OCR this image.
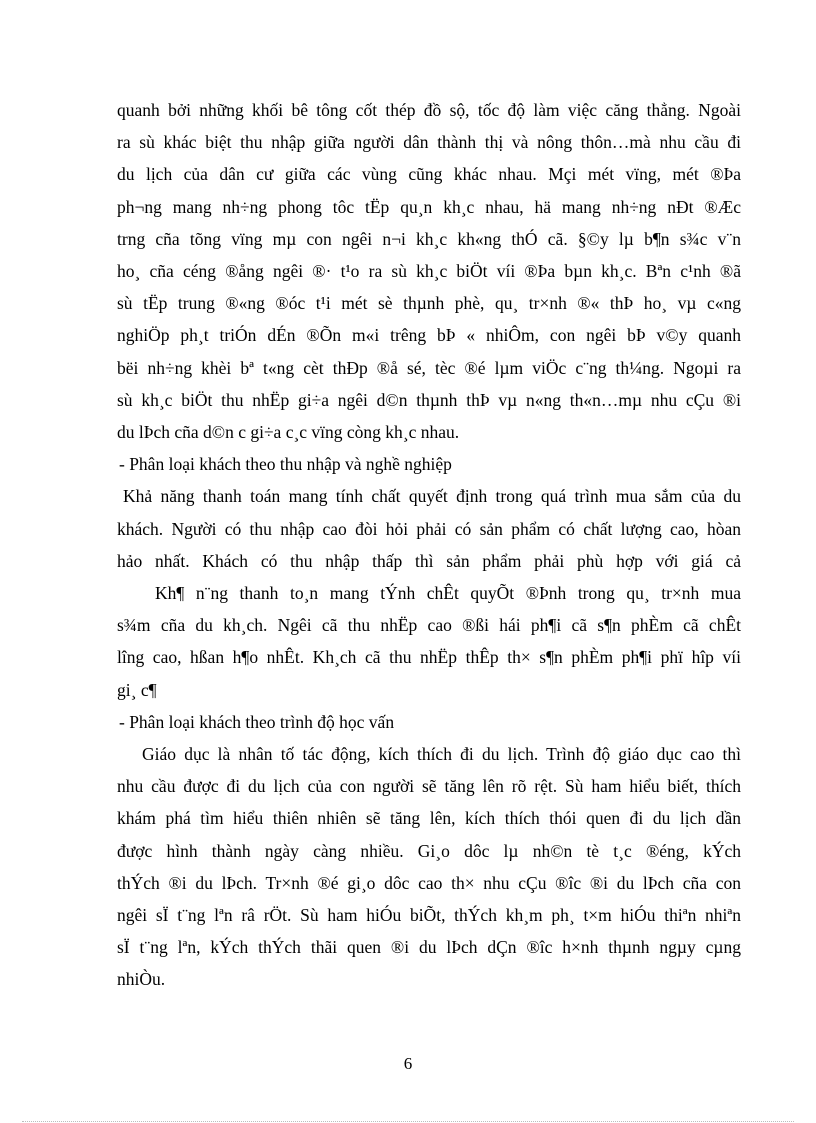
quanh bởi những khối bê tông cốt thép đồ sộ, tốc độ làm việc căng thẳng. Ngoài
ra sù khác biệt thu nhập giữa người dân thành thị và nông thôn…mà nhu cầu đi
du lịch của dân cư giữa các vùng cũng khác nhau. Mçi mét vïng, mét ®Þa
ph¬ng mang nh÷ng phong tôc tËp qu¸n kh¸c nhau, hä mang nh÷ng nÐt ®Æc
trng cña tõng vïng mµ con ngêi n¬i kh¸c kh«ng thÓ cã. §©y lµ b¶n s¾c v¨n
ho¸ cña céng ®ång ngêi ®· t¹o ra sù kh¸c biÖt víi ®Þa bµn kh¸c. Bªn c¹nh ®ã
sù tËp trung ®«ng ®óc t¹i mét sè thµnh phè, qu¸ tr×nh ®« thÞ ho¸ vµ c«ng
nghiÖp ph¸t triÓn dÉn ®Õn m«i trêng bÞ « nhiÔm, con ngêi bÞ v©y quanh
bëi nh÷ng khèi bª t«ng cèt thÐp ®å sé, tèc ®é lµm viÖc c¨ng th¼ng. Ngoµi ra
sù kh¸c biÖt thu nhËp gi÷a ngêi d©n thµnh thÞ vµ n«ng th«n…mµ nhu cÇu ®i
du lÞch cña d©n c gi÷a c¸c vïng còng kh¸c nhau.
- Phân loại khách theo thu nhập và nghề nghiệp
Khả năng thanh toán mang tính chất quyết định trong quá trình mua sắm của du
khách. Người có thu nhập cao đòi hỏi phải có sản phẩm có chất lượng cao, hòan
hảo nhất. Khách có thu nhập thấp thì sản phẩm phải phù hợp với giá cả
Kh¶ n¨ng thanh to¸n mang tÝnh chÊt quyÕt ®Þnh trong qu¸ tr×nh mua
s¾m cña du kh¸ch. Ngêi cã thu nhËp cao ®ßi hái ph¶i cã s¶n phÈm cã chÊt
lîng cao, hßan h¶o nhÊt. Kh¸ch cã thu nhËp thÊp th× s¶n phÈm ph¶i phï hîp víi
gi¸ c¶
- Phân loại khách theo trình độ học vấn
Giáo dục là nhân tố tác động, kích thích đi du lịch. Trình độ giáo dục cao thì
nhu cầu được đi du lịch của con người sẽ tăng lên rõ rệt. Sù ham hiểu biết, thích
khám phá tìm hiểu thiên nhiên sẽ tăng lên, kích thích thói quen đi du lịch dần
được hình thành ngày càng nhiều. Gi¸o dôc lµ nh©n tè t¸c ®éng, kÝch
thÝch ®i du lÞch. Tr×nh ®é gi¸o dôc cao th× nhu cÇu ®îc ®i du lÞch cña con
ngêi sÏ t¨ng lªn râ rÖt. Sù ham hiÓu biÕt, thÝch kh¸m ph¸ t×m hiÓu thiªn nhiªn
sÏ t¨ng lªn, kÝch thÝch thãi quen ®i du lÞch dÇn ®îc h×nh thµnh ngµy cµng
nhiÒu.
6
